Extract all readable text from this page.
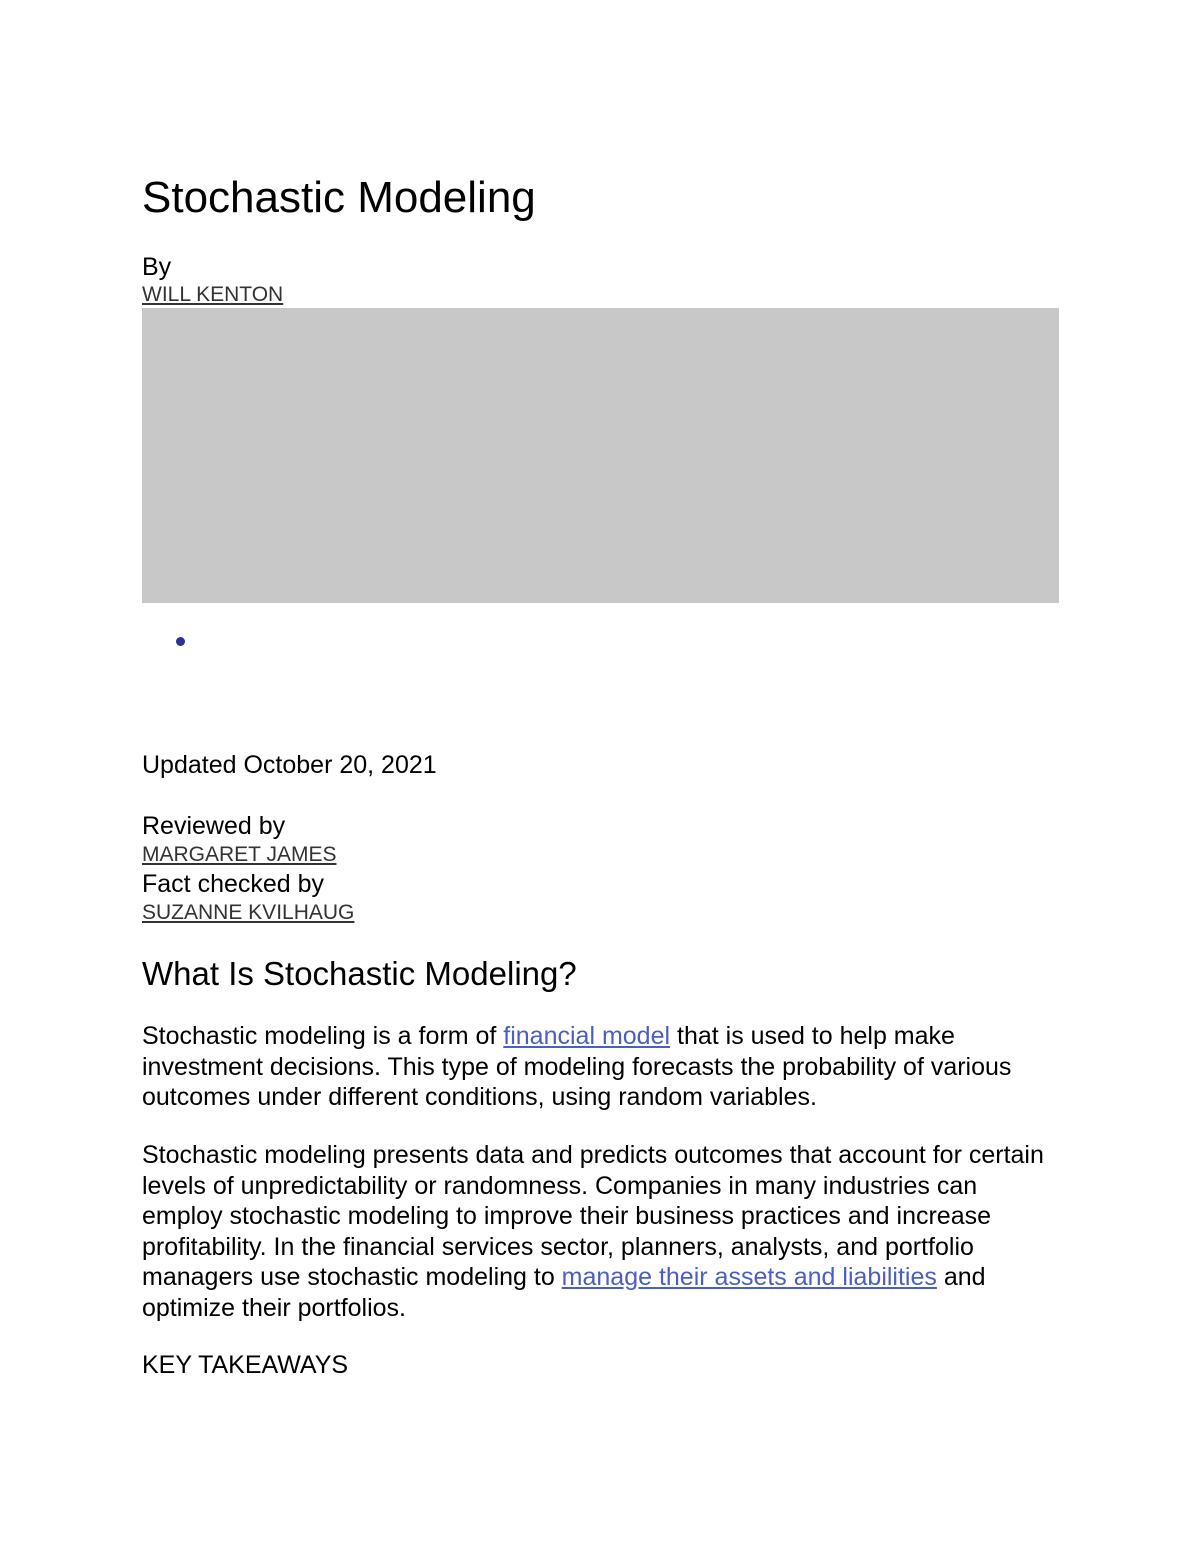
Stochastic Modeling
By
WILL KENTON
Updated October 20, 2021
Reviewed by
MARGARET JAMES
Fact checked by
SUZANNE KVILHAUG
What Is Stochastic Modeling?

Stochastic modeling is a form of financial model that is used to help make investment decisions. This type of modeling forecasts the probability of various outcomes under different conditions, using random variables.

Stochastic modeling presents data and predicts outcomes that account for certain levels of unpredictability or randomness. Companies in many industries can employ stochastic modeling to improve their business practices and increase profitability. In the financial services sector, planners, analysts, and portfolio managers use stochastic modeling to manage their assets and liabilities and optimize their portfolios.

KEY TAKEAWAYS
